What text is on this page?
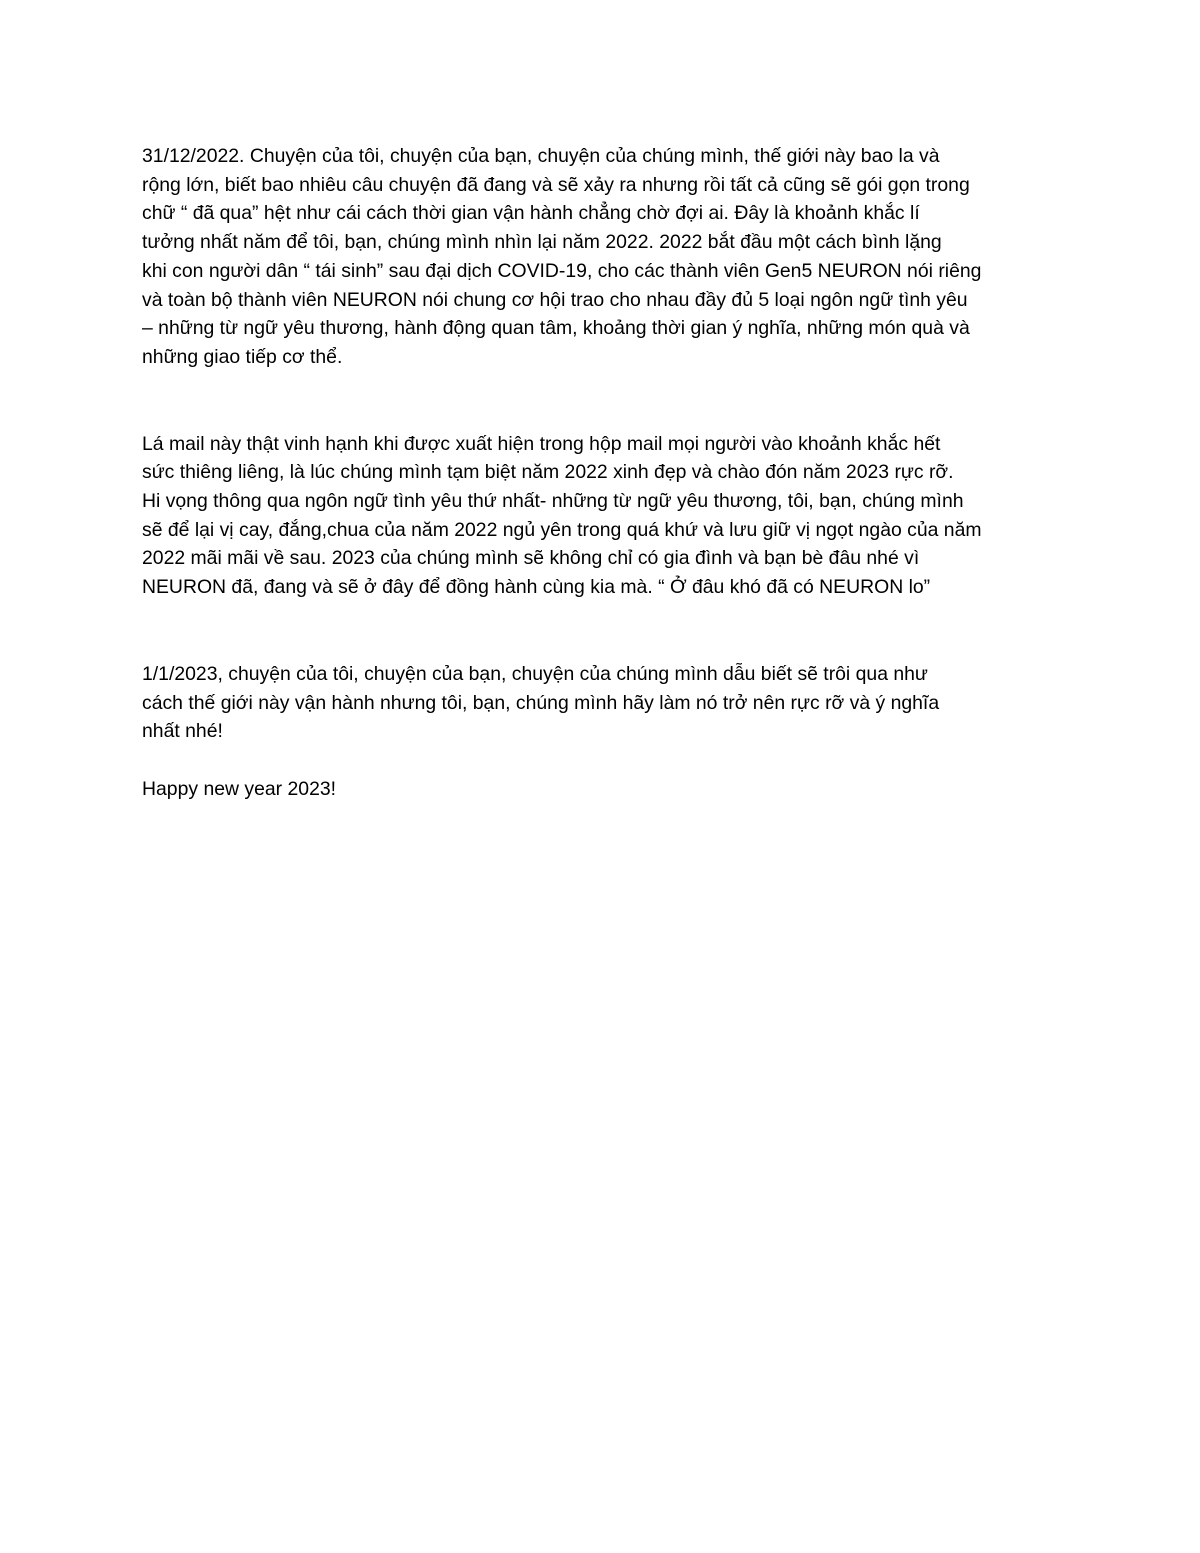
31/12/2022. Chuyện của tôi, chuyện của bạn, chuyện của chúng mình, thế giới này bao la và
rộng lớn, biết bao nhiêu câu chuyện đã đang và sẽ xảy ra nhưng rồi tất cả cũng sẽ gói gọn trong
chữ “ đã qua” hệt như cái cách thời gian vận hành chẳng chờ đợi ai. Đây là khoảnh khắc lí
tưởng nhất năm để tôi, bạn, chúng mình nhìn lại năm 2022. 2022 bắt đầu một cách bình lặng
khi con người dân “ tái sinh” sau đại dịch COVID-19, cho các thành viên Gen5 NEURON nói riêng
và toàn bộ thành viên NEURON nói chung cơ hội trao cho nhau đầy đủ 5 loại ngôn ngữ tình yêu
– những từ ngữ yêu thương, hành động quan tâm, khoảng thời gian ý nghĩa, những món quà và
những giao tiếp cơ thể.

Lá mail này thật vinh hạnh khi được xuất hiện trong hộp mail mọi người vào khoảnh khắc hết
sức thiêng liêng, là lúc chúng mình tạm biệt năm 2022 xinh đẹp và chào đón năm 2023 rực rỡ.
Hi vọng thông qua ngôn ngữ tình yêu thứ nhất- những từ ngữ yêu thương, tôi, bạn, chúng mình
sẽ để lại vị cay, đắng,chua của năm 2022 ngủ yên trong quá khứ và lưu giữ vị ngọt ngào của năm
2022 mãi mãi về sau. 2023 của chúng mình sẽ không chỉ có gia đình và bạn bè đâu nhé vì
NEURON đã, đang và sẽ ở đây để đồng hành cùng kia mà. “ Ở đâu khó đã có NEURON lo”

1/1/2023, chuyện của tôi, chuyện của bạn, chuyện của chúng mình dẫu biết sẽ trôi qua như
cách thế giới này vận hành nhưng tôi, bạn, chúng mình hãy làm nó trở nên rực rỡ và ý nghĩa
nhất nhé!

Happy new year 2023!
